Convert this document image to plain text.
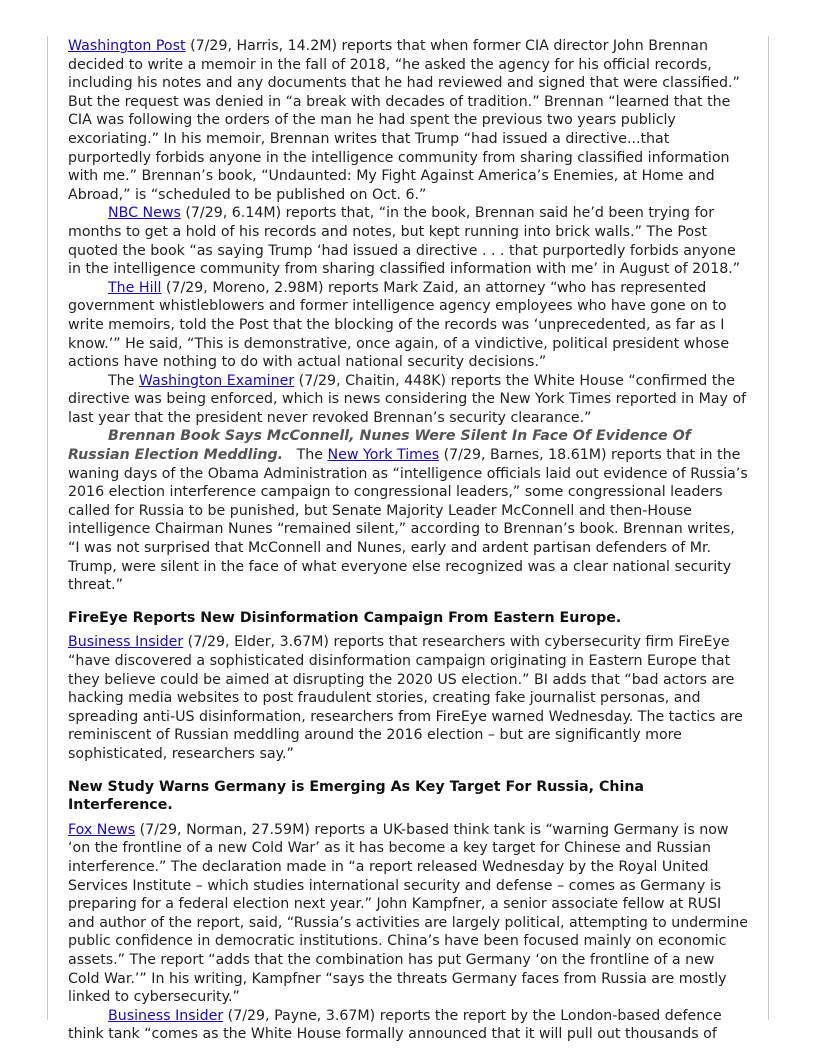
Washington Post (7/29, Harris, 14.2M) reports that when former CIA director John Brennan decided to write a memoir in the fall of 2018, “he asked the agency for his official records, including his notes and any documents that he had reviewed and signed that were classified.” But the request was denied in “a break with decades of tradition.” Brennan “learned that the CIA was following the orders of the man he had spent the previous two years publicly excoriating.” In his memoir, Brennan writes that Trump “had issued a directive...that purportedly forbids anyone in the intelligence community from sharing classified information with me.” Brennan’s book, “Undaunted: My Fight Against America’s Enemies, at Home and Abroad,” is “scheduled to be published on Oct. 6.”

NBC News (7/29, 6.14M) reports that, “in the book, Brennan said he’d been trying for months to get a hold of his records and notes, but kept running into brick walls.” The Post quoted the book “as saying Trump ‘had issued a directive . . . that purportedly forbids anyone in the intelligence community from sharing classified information with me’ in August of 2018.”

The Hill (7/29, Moreno, 2.98M) reports Mark Zaid, an attorney “who has represented government whistleblowers and former intelligence agency employees who have gone on to write memoirs, told the Post that the blocking of the records was ‘unprecedented, as far as I know.’” He said, “This is demonstrative, once again, of a vindictive, political president whose actions have nothing to do with actual national security decisions.”

The Washington Examiner (7/29, Chaitin, 448K) reports the White House “confirmed the directive was being enforced, which is news considering the New York Times reported in May of last year that the president never revoked Brennan’s security clearance.”

Brennan Book Says McConnell, Nunes Were Silent In Face Of Evidence Of Russian Election Meddling.   The New York Times (7/29, Barnes, 18.61M) reports that in the waning days of the Obama Administration as “intelligence officials laid out evidence of Russia’s 2016 election interference campaign to congressional leaders,” some congressional leaders called for Russia to be punished, but Senate Majority Leader McConnell and then-House intelligence Chairman Nunes “remained silent,” according to Brennan’s book. Brennan writes, “I was not surprised that McConnell and Nunes, early and ardent partisan defenders of Mr. Trump, were silent in the face of what everyone else recognized was a clear national security threat.”

FireEye Reports New Disinformation Campaign From Eastern Europe.

Business Insider (7/29, Elder, 3.67M) reports that researchers with cybersecurity firm FireEye “have discovered a sophisticated disinformation campaign originating in Eastern Europe that they believe could be aimed at disrupting the 2020 US election.” BI adds that “bad actors are hacking media websites to post fraudulent stories, creating fake journalist personas, and spreading anti-US disinformation, researchers from FireEye warned Wednesday. The tactics are reminiscent of Russian meddling around the 2016 election – but are significantly more sophisticated, researchers say.”

New Study Warns Germany is Emerging As Key Target For Russia, China Interference.

Fox News (7/29, Norman, 27.59M) reports a UK-based think tank is “warning Germany is now ‘on the frontline of a new Cold War’ as it has become a key target for Chinese and Russian interference.” The declaration made in “a report released Wednesday by the Royal United Services Institute – which studies international security and defense – comes as Germany is preparing for a federal election next year.” John Kampfner, a senior associate fellow at RUSI and author of the report, said, “Russia’s activities are largely political, attempting to undermine public confidence in democratic institutions. China’s have been focused mainly on economic assets.” The report “adds that the combination has put Germany ‘on the frontline of a new Cold War.’” In his writing, Kampfner “says the threats Germany faces from Russia are mostly linked to cybersecurity.”

Business Insider (7/29, Payne, 3.67M) reports the report by the London-based defence think tank “comes as the White House formally announced that it will pull out thousands of
